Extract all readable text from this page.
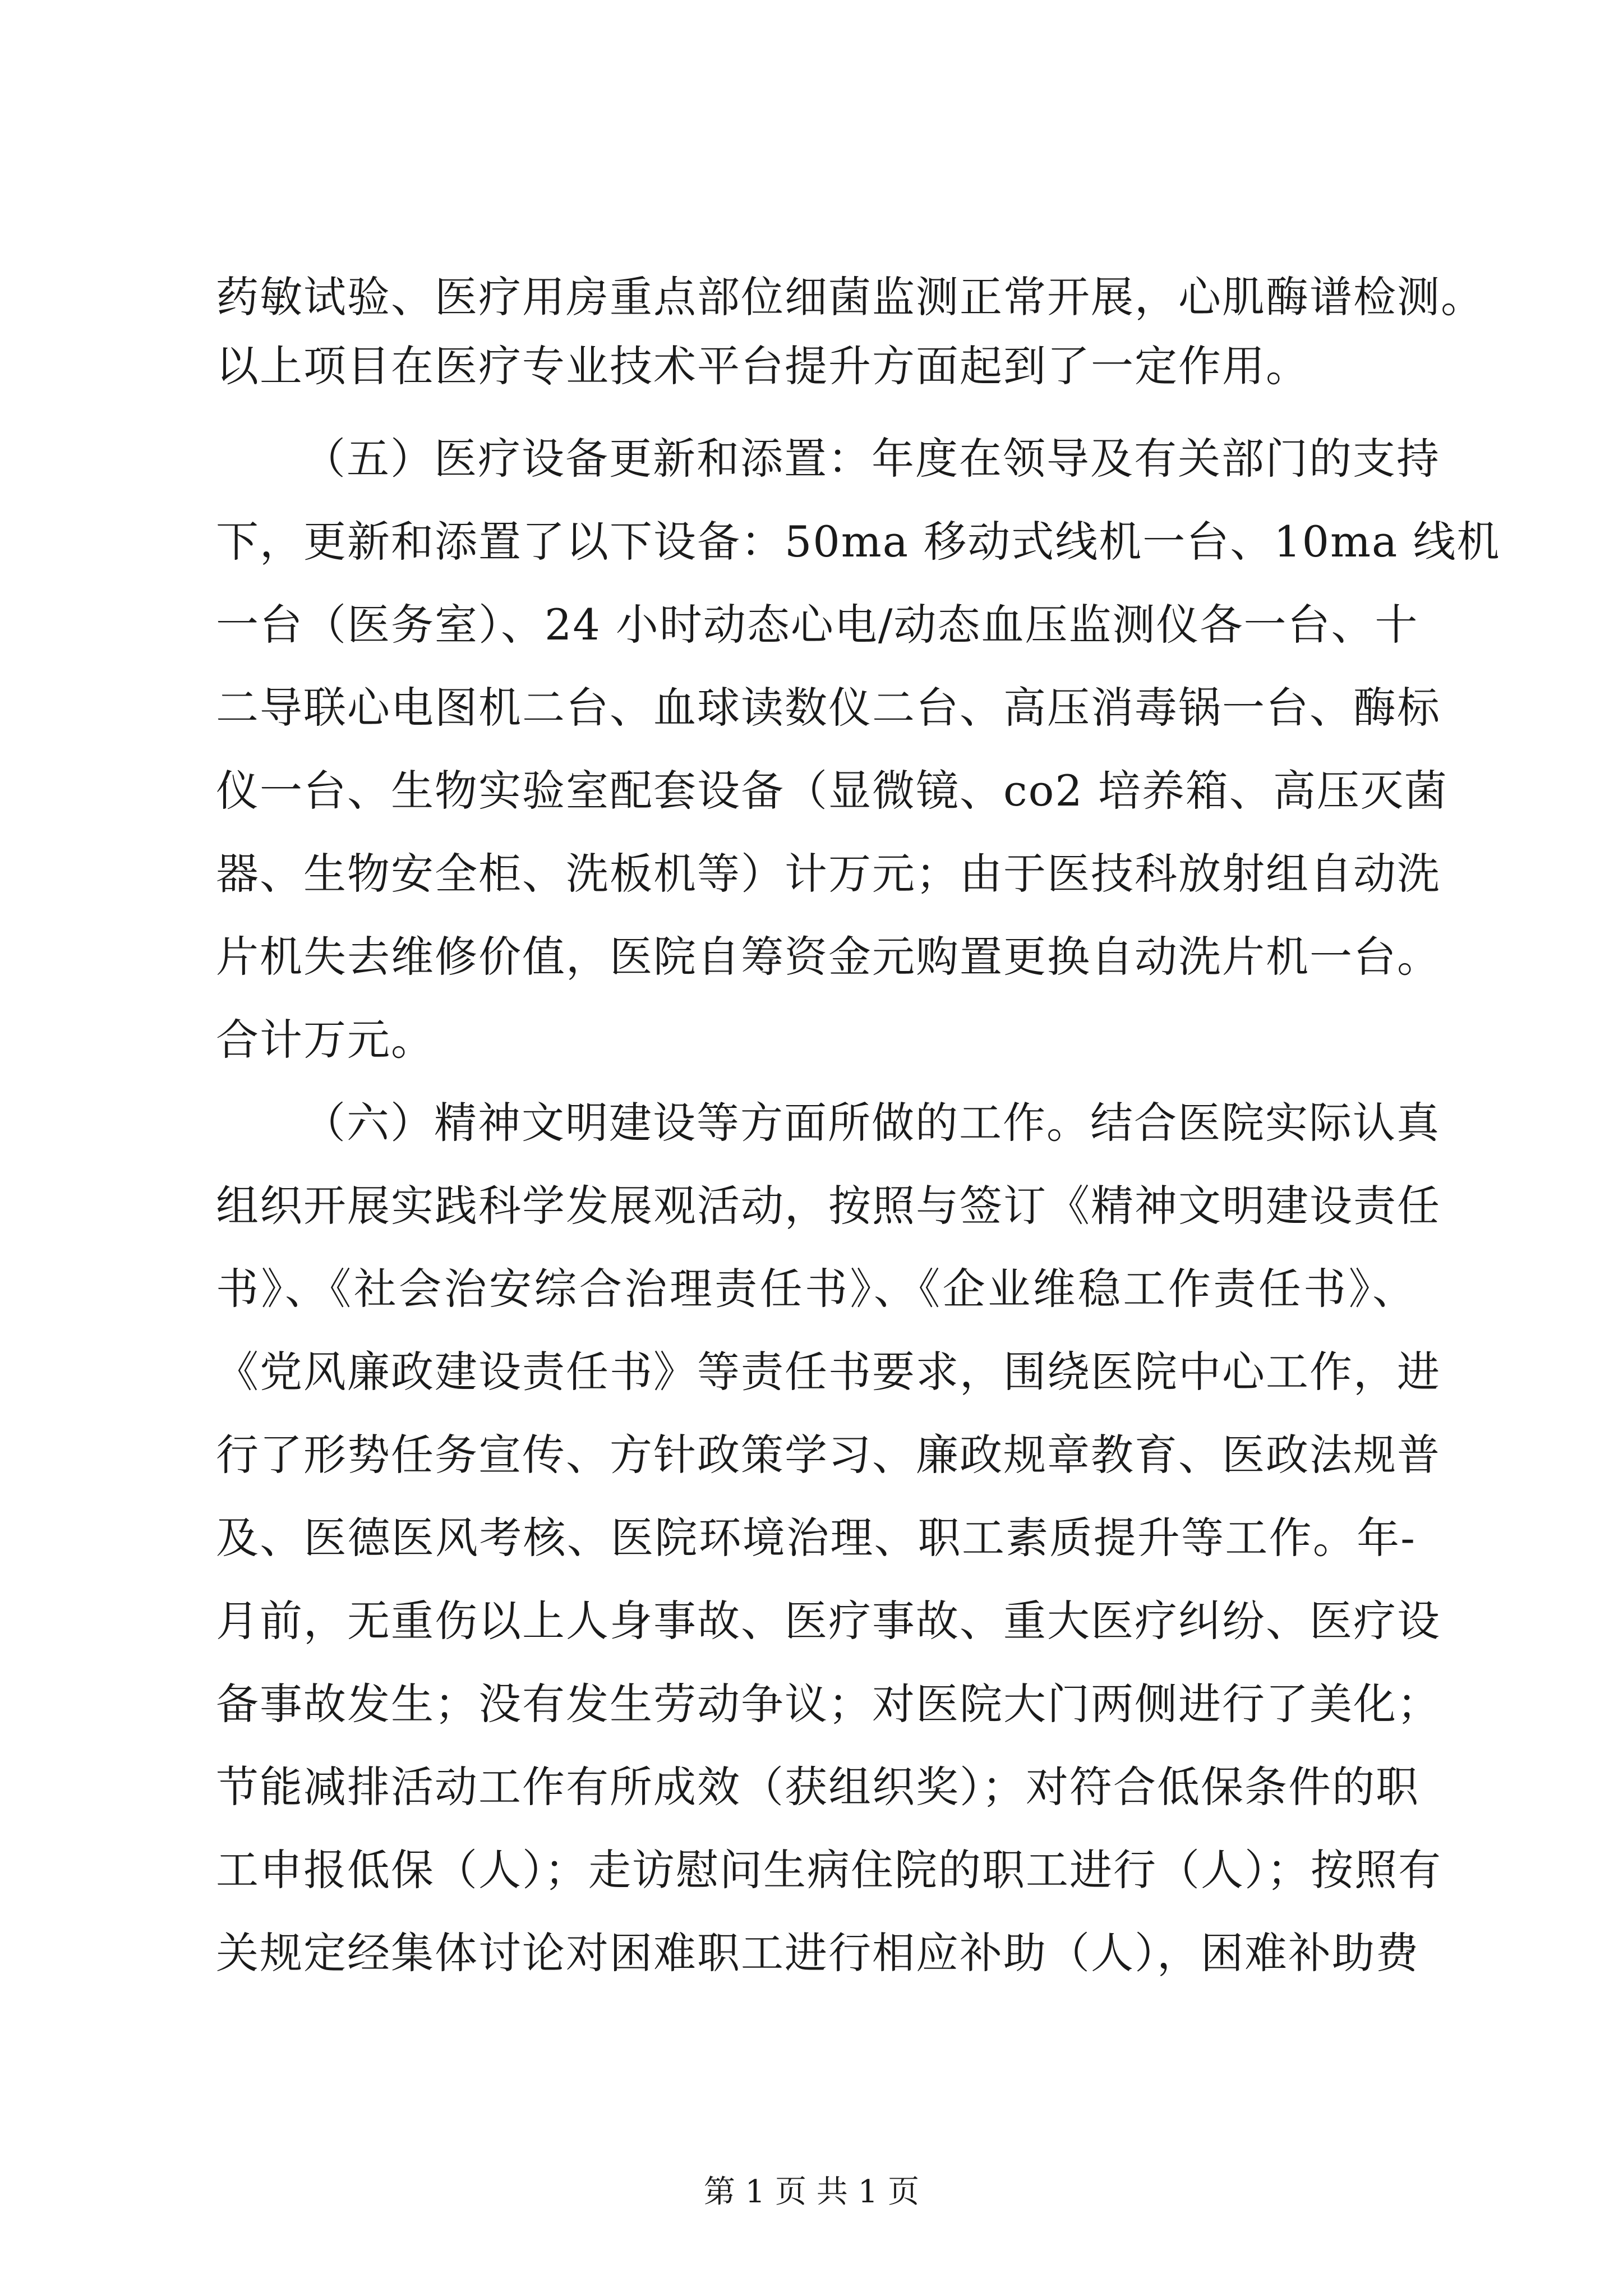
药敏试验、医疗用房重点部位细菌监测正常开展，心肌酶谱检测。
以上项目在医疗专业技术平台提升方面起到了一定作用。
（五）医疗设备更新和添置：年度在领导及有关部门的支持
下，更新和添置了以下设备：50ma 移动式线机一台、10ma 线机
一台（医务室）、24 小时动态心电/动态血压监测仪各一台、十
二导联心电图机二台、血球读数仪二台、高压消毒锅一台、酶标
仪一台、生物实验室配套设备（显微镜、co2 培养箱、高压灭菌
器、生物安全柜、洗板机等）计万元；由于医技科放射组自动洗
片机失去维修价值，医院自筹资金元购置更换自动洗片机一台。
合计万元。
（六）精神文明建设等方面所做的工作。结合医院实际认真
组织开展实践科学发展观活动，按照与签订《精神文明建设责任
书》、《社会治安综合治理责任书》、《企业维稳工作责任书》、
《党风廉政建设责任书》等责任书要求，围绕医院中心工作，进
行了形势任务宣传、方针政策学习、廉政规章教育、医政法规普
及、医德医风考核、医院环境治理、职工素质提升等工作。年-
月前，无重伤以上人身事故、医疗事故、重大医疗纠纷、医疗设
备事故发生；没有发生劳动争议；对医院大门两侧进行了美化；
节能减排活动工作有所成效（获组织奖）；对符合低保条件的职
工申报低保（人）；走访慰问生病住院的职工进行（人）；按照有
关规定经集体讨论对困难职工进行相应补助（人），困难补助费
第 1 页 共 1 页
